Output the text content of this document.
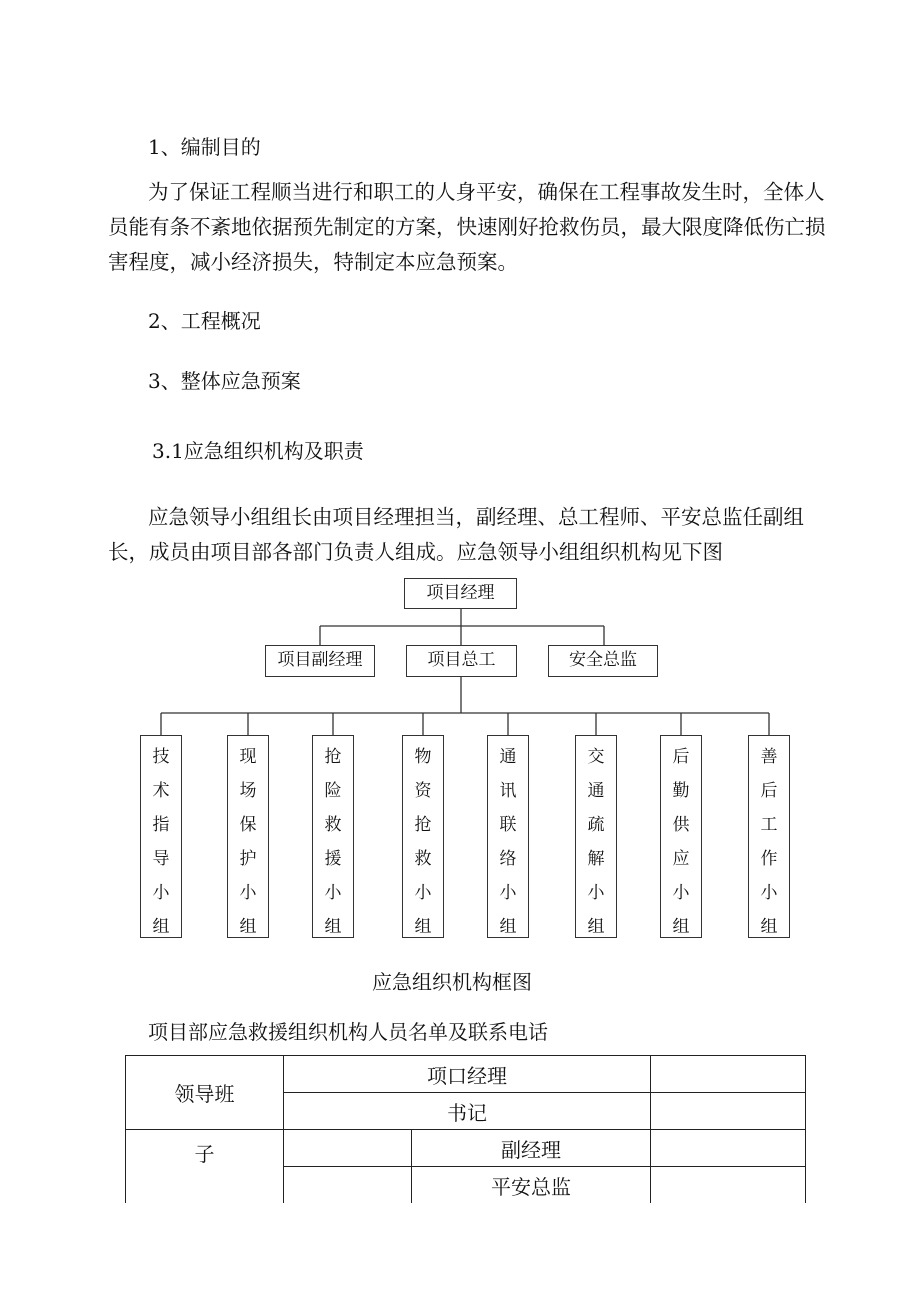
1、编制目的

为了保证工程顺当进行和职工的人身平安，确保在工程事故发生时，全体人员能有条不紊地依据预先制定的方案，快速刚好抢救伤员，最大限度降低伤亡损害程度，减小经济损失，特制定本应急预案。

2、工程概况
3、整体应急预案
3.1应急组织机构及职责

应急领导小组组长由项目经理担当，副经理、总工程师、平安总监任副组长，成员由项目部各部门负责人组成。应急领导小组组织机构见下图

项目经理
项目副经理	项目总工	安全总监
技
术
指
导
小
组
现
场
保
护
小
组
抢
险
救
援
小
组
物
资
抢
救
小
组
通
讯
联
络
小
组
交
通
疏
解
小
组
后
勤
供
应
小
组
善
后
工
作
小
组
应急组织机构框图
项目部应急救援组织机构人员名单及联系电话
领导班	项口经理		
	书记		
子		副经理	
		平安总监	
